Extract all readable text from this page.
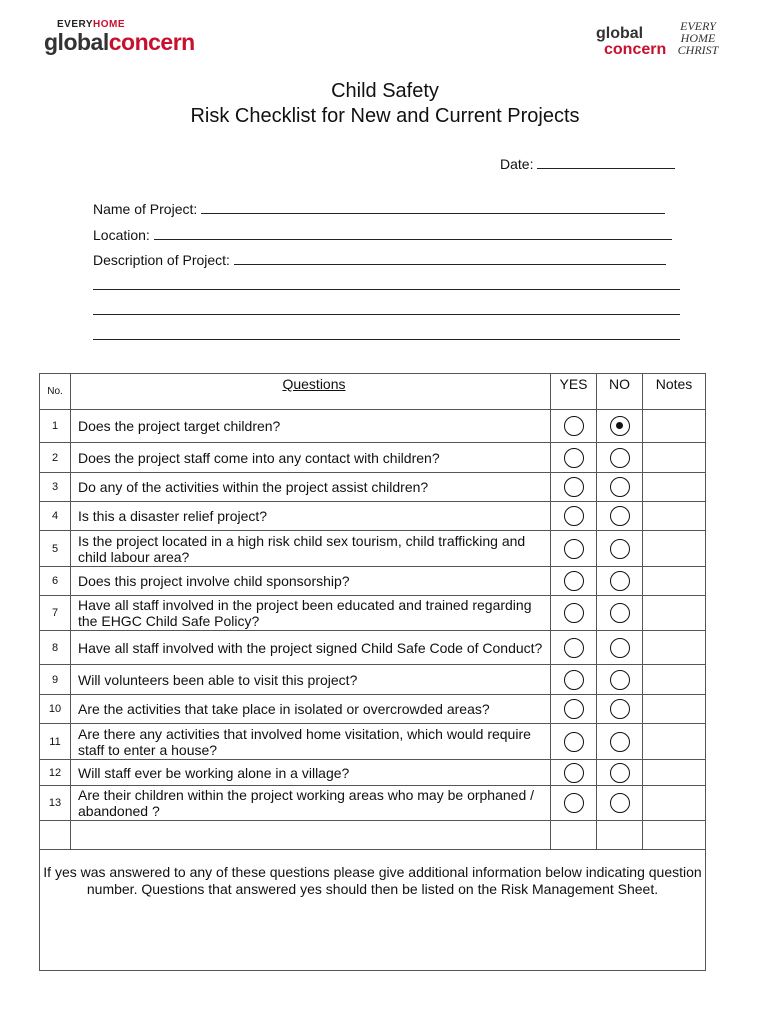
EVERYHOME
globalconcern	global
concern
EVERY
HOME
CHRIST
Child Safety
Risk Checklist for New and Current Projects
Date:
Name of Project:
Location:
Description of Project:
No.	Questions	YES	NO	Notes
1	Does the project target children?			
2	Does the project staff come into any contact with children?			
3	Do any of the activities within the project assist children?			
4	Is this a disaster relief project?			
5	Is the project located in a high risk child sex tourism, child trafficking and child labour area?			
6	Does this project involve child sponsorship?			
7	Have all staff involved in the project been educated and trained regarding the EHGC Child Safe Policy?			
8	Have all staff involved with the project signed Child Safe Code of Conduct?			
9	Will volunteers been able to visit this project?			
10	Are the activities that take place in isolated or overcrowded areas?			
11	Are there any activities that involved home visitation, which would require staff to enter a house?			
12	Will staff ever be working alone in a village?			
13	Are their children within the project working areas who may be orphaned / abandoned ?			

If yes was answered to any of these questions please give additional information below indicating question number. Questions that answered yes should then be listed on the Risk Management Sheet.				
